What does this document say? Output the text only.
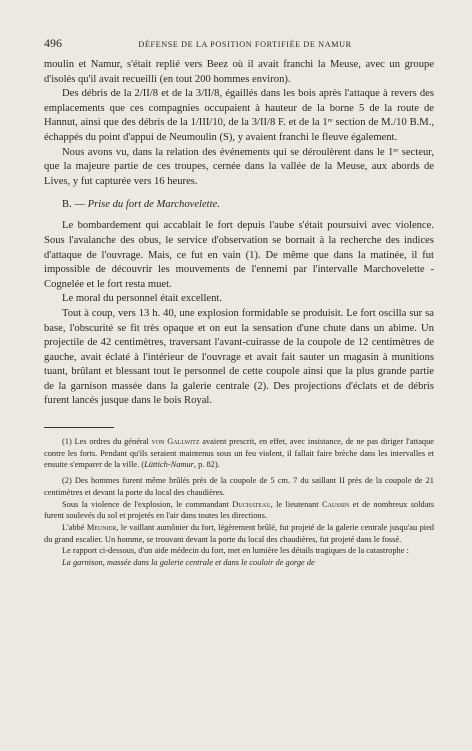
496	DÉFENSE DE LA POSITION FORTIFIÉE DE NAMUR

moulin et Namur, s'était replié vers Beez où il avait franchi la Meuse, avec un groupe d'isolés qu'il avait recueilli (en tout 200 hommes environ).

Des débris de la 2/II/8 et de la 3/II/8, égaillés dans les bois après l'attaque à revers des emplacements que ces compagnies occupaient à hauteur de la borne 5 de la route de Hannut, ainsi que des débris de la 1/III/10, de la 3/II/8 F. et de la 1ʳᵉ section de M./10 B.M., échappés du point d'appui de Neumoulin (S), y avaient franchi le fleuve également.

Nous avons vu, dans la relation des événements qui se déroulèrent dans le 1ᵉʳ secteur, que la majeure partie de ces troupes, cernée dans la vallée de la Meuse, aux abords de Lives, y fut capturée vers 16 heures.

B. — Prise du fort de Marchovelette.

Le bombardement qui accablait le fort depuis l'aube s'était poursuivi avec violence. Sous l'avalanche des obus, le service d'observation se bornait à la recherche des indices d'attaque de l'ouvrage. Mais, ce fut en vain (1). De même que dans la matinée, il fut impossible de découvrir les mouvements de l'ennemi par l'intervalle Marchovelette - Cognelée et le fort resta muet.

Le moral du personnel était excellent.

Tout à coup, vers 13 h. 40, une explosion formidable se produisit. Le fort oscilla sur sa base, l'obscurité se fit très opaque et on eut la sensation d'une chute dans un abime. Un projectile de 42 centimètres, traversant l'avant-cuirasse de la coupole de 12 centimètres de gauche, avait éclaté à l'intérieur de l'ouvrage et avait fait sauter un magasin à munitions tuant, brûlant et blessant tout le personnel de cette coupole ainsi que la plus grande partie de la garnison massée dans la galerie centrale (2). Des projections d'éclats et de débris furent lancés jusque dans le bois Royal.

(1) Les ordres du général von Gallwitz avaient prescrit, en effet, avec insistance, de ne pas diriger l'attaque contre les forts. Pendant qu'ils seraient maintenus sous un feu violent, il fallait faire brèche dans les intervalles et ensuite s'emparer de la ville. (Lüttich-Namur, p. 82).

(2) Des hommes furent même brûlés près de la coupole de 5 cm. 7 du saillant II près de la coupole de 21 centimètres et devant la porte du local des chaudières.

Sous la violence de l'explosion, le commandant Duchateau, le lieutenant Caussin et de nombreux soldats furent soulevés du sol et projetés en l'air dans toutes les directions.

L'abbé Meunier, le vaillant aumônier du fort, légèrement brûlé, fut projeté de la galerie centrale jusqu'au pied du grand escalier. Un homme, se trouvant devant la porte du local des chaudières, fut projeté dans le fossé.

Le rapport ci-dessous, d'un aide médecin du fort, met en lumière les détails tragiques de la catastrophe :

La garnison, massée dans la galerie centrale et dans le couloir de gorge de
